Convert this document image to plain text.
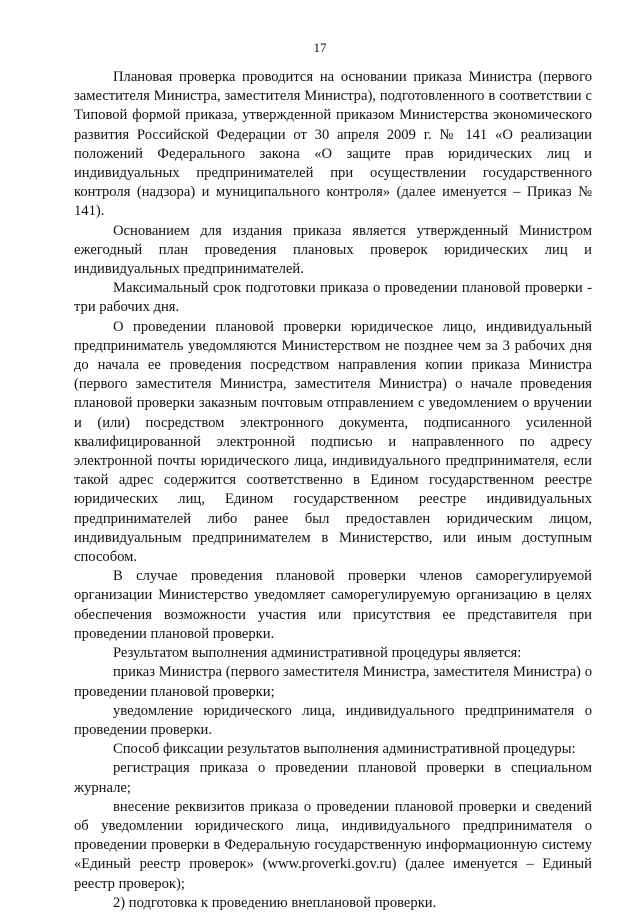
17

Плановая проверка проводится на основании приказа Министра (первого заместителя Министра, заместителя Министра), подготовленного в соответствии с Типовой формой приказа, утвержденной приказом Министерства экономического развития Российской Федерации от 30 апреля 2009 г. № 141 «О реализации положений Федерального закона «О защите прав юридических лиц и индивидуальных предпринимателей при осуществлении государственного контроля (надзора) и муниципального контроля» (далее именуется – Приказ № 141).

Основанием для издания приказа является утвержденный Министром ежегодный план проведения плановых проверок юридических лиц и индивидуальных предпринимателей.

Максимальный срок подготовки приказа о проведении плановой проверки - три рабочих дня.

О проведении плановой проверки юридическое лицо, индивидуальный предприниматель уведомляются Министерством не позднее чем за 3 рабочих дня до начала ее проведения посредством направления копии приказа Министра (первого заместителя Министра, заместителя Министра) о начале проведения плановой проверки заказным почтовым отправлением с уведомлением о вручении и (или) посредством электронного документа, подписанного усиленной квалифицированной электронной подписью и направленного по адресу электронной почты юридического лица, индивидуального предпринимателя, если такой адрес содержится соответственно в Едином государственном реестре юридических лиц, Едином государственном реестре индивидуальных предпринимателей либо ранее был предоставлен юридическим лицом, индивидуальным предпринимателем в Министерство, или иным доступным способом.

В случае проведения плановой проверки членов саморегулируемой организации Министерство уведомляет саморегулируемую организацию в целях обеспечения возможности участия или присутствия ее представителя при проведении плановой проверки.

Результатом выполнения административной процедуры является:

приказ Министра (первого заместителя Министра, заместителя Министра) о проведении плановой проверки;

уведомление юридического лица, индивидуального предпринимателя о проведении проверки.

Способ фиксации результатов выполнения административной процедуры:

регистрация приказа о проведении плановой проверки в специальном журнале;

внесение реквизитов приказа о проведении плановой проверки и сведений об уведомлении юридического лица, индивидуального предпринимателя о проведении проверки в Федеральную государственную информационную систему «Единый реестр проверок» (www.proverki.gov.ru) (далее именуется – Единый реестр проверок);

2) подготовка к проведению внеплановой проверки.
